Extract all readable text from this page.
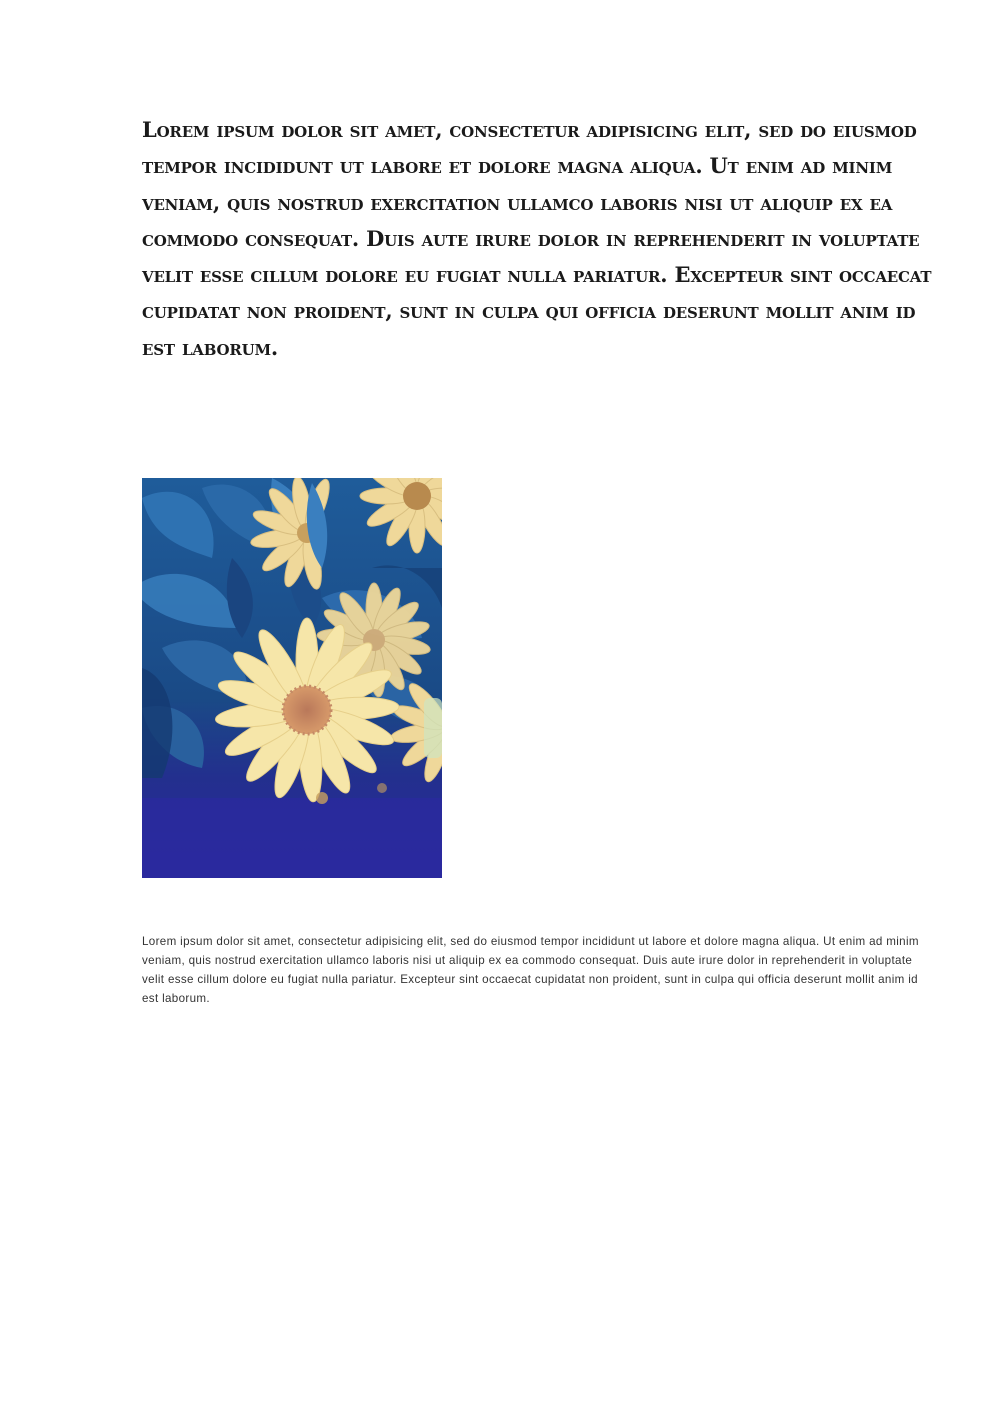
Lorem ipsum dolor sit amet, consectetur adipisicing elit, sed do eiusmod tempor incididunt ut labore et dolore magna aliqua. Ut enim ad minim veniam, quis nostrud exercitation ullamco laboris nisi ut aliquip ex ea commodo consequat. Duis aute irure dolor in reprehenderit in voluptate velit esse cillum dolore eu fugiat nulla pariatur. Excepteur sint occaecat cupidatat non proident, sunt in culpa qui officia deserunt mollit anim id est laborum.

Lorem ipsum dolor sit amet, consectetur adipisicing elit, sed do eiusmod tempor incididunt ut labore et dolore magna aliqua. Ut enim ad minim veniam, quis nostrud exercitation ullamco laboris nisi ut aliquip ex ea commodo consequat. Duis aute irure dolor in reprehenderit in voluptate velit esse cillum dolore eu fugiat nulla pariatur. Excepteur sint occaecat cupidatat non proident, sunt in culpa qui officia deserunt mollit anim id est laborum.
